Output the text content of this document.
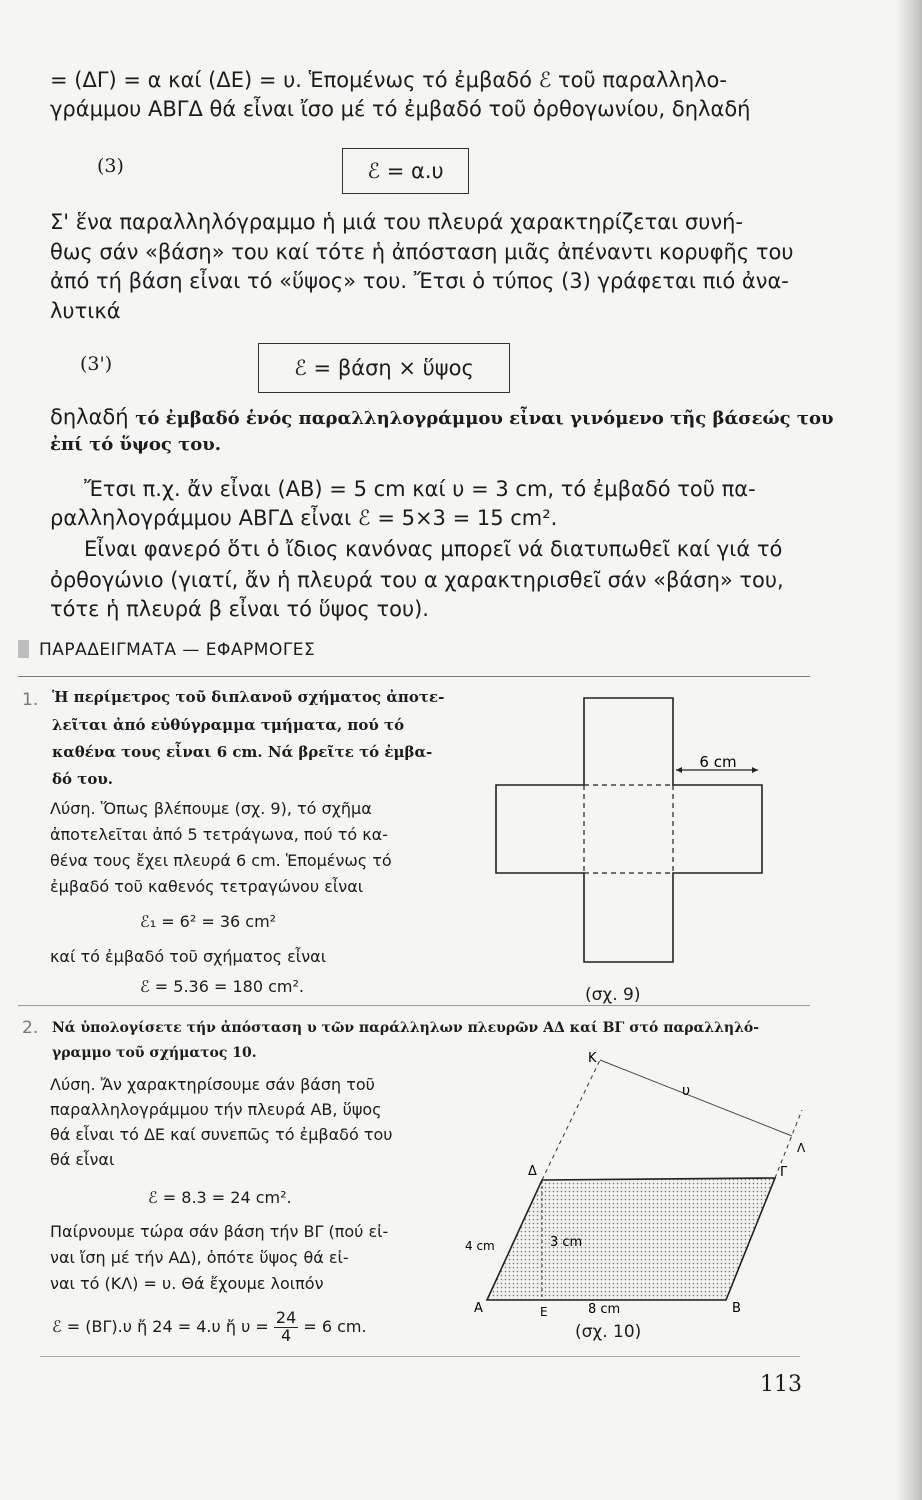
= (ΔΓ) = α καί (ΔΕ) = υ. Ἑπομένως τό ἐμβαδό ℰ τοῦ παραλληλο-
γράμμου ΑΒΓΔ θά εἶναι ἴσο μέ τό ἐμβαδό τοῦ ὀρθογωνίου, δηλαδή
(3)	ℰ = α.υ
Σ' ἕνα παραλληλόγραμμο ἡ μιά του πλευρά χαρακτηρίζεται συνή-
θως σάν «βάση» του καί τότε ἡ ἀπόσταση μιᾶς ἀπέναντι κορυφῆς του
ἀπό τή βάση εἶναι τό «ὕψος» του. Ἔτσι ὁ τύπος (3) γράφεται πιό ἀνα-
λυτικά
(3')	ℰ = βάση × ὕψος
δηλαδή τό ἐμβαδό ἑνός παραλληλογράμμου εἶναι γινόμενο τῆς βάσεώς του
ἐπί τό ὕψος του.
Ἔτσι π.χ. ἄν εἶναι (ΑΒ) = 5 cm καί υ = 3 cm, τό ἐμβαδό τοῦ πα-
ραλληλογράμμου ΑΒΓΔ εἶναι ℰ = 5×3 = 15 cm².
Εἶναι φανερό ὅτι ὁ ἴδιος κανόνας μπορεῖ νά διατυπωθεῖ καί γιά τό
ὀρθογώνιο (γιατί, ἄν ἡ πλευρά του α χαρακτηρισθεῖ σάν «βάση» του,
τότε ἡ πλευρά β εἶναι τό ὕψος του).
ΠΑΡΑΔΕΙΓΜΑΤΑ — ΕΦΑΡΜΟΓΕΣ
1. Ἡ περίμετρος τοῦ διπλανοῦ σχήματος ἀποτε-
λεῖται ἀπό εὐθύγραμμα τμήματα, πού τό
καθένα τους εἶναι 6 cm. Νά βρεῖτε τό ἐμβα-
δό του.
Λύση. Ὅπως βλέπουμε (σχ. 9), τό σχῆμα
ἀποτελεῖται ἀπό 5 τετράγωνα, πού τό κα-
θένα τους ἔχει πλευρά 6 cm. Ἑπομένως τό
ἐμβαδό τοῦ καθενός τετραγώνου εἶναι
ℰ₁ = 6² = 36 cm²
καί τό ἐμβαδό τοῦ σχήματος εἶναι
ℰ = 5.36 = 180 cm².
6 cm
(σχ. 9)
2. Νά ὑπολογίσετε τήν ἀπόσταση υ τῶν παράλληλων πλευρῶν ΑΔ καί ΒΓ στό παραλληλό-
γραμμο τοῦ σχήματος 10.
Λύση. Ἄν χαρακτηρίσουμε σάν βάση τοῦ
παραλληλογράμμου τήν πλευρά ΑΒ, ὕψος
θά εἶναι τό ΔΕ καί συνεπῶς τό ἐμβαδό του
θά εἶναι
ℰ = 8.3 = 24 cm².
Παίρνουμε τώρα σάν βάση τήν ΒΓ (πού εἰ-
ναι ἴση μέ τήν ΑΔ), ὁπότε ὕψος θά εἰ-
ναι τό (ΚΛ) = υ. Θά ἔχουμε λοιπόν
ℰ = (ΒΓ).υ ἤ 24 = 4.υ ἤ $\upsilon = \frac{24}{4} = 6$ cm.
Κ
Λ
υ
Δ	Γ
Α	Ε	Β
4 cm	3 cm
8 cm
(σχ. 10)
113
